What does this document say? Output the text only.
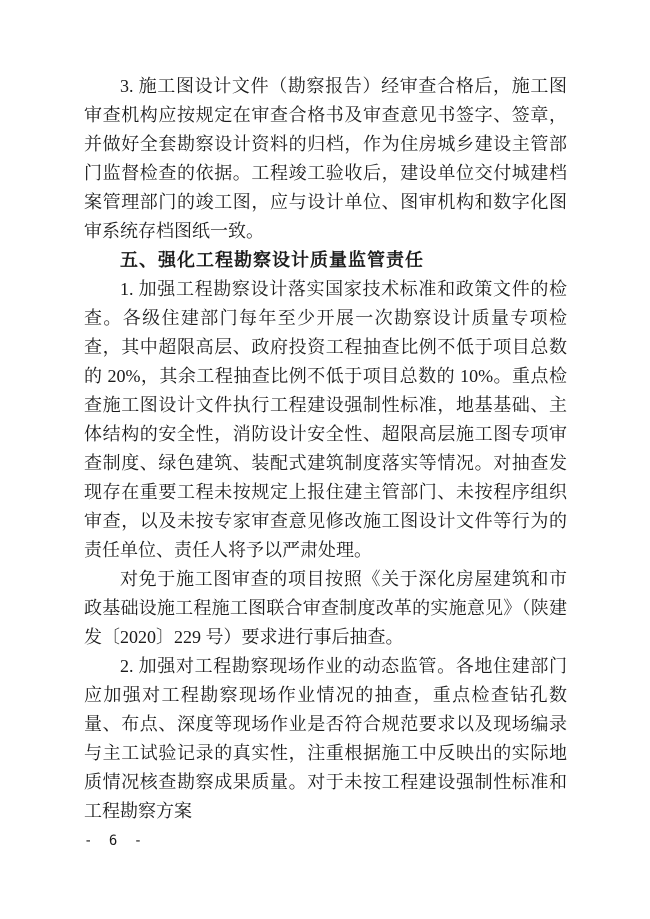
3. 施工图设计文件（勘察报告）经审查合格后，施工图审查机构应按规定在审查合格书及审查意见书签字、签章，并做好全套勘察设计资料的归档，作为住房城乡建设主管部门监督检查的依据。工程竣工验收后，建设单位交付城建档案管理部门的竣工图，应与设计单位、图审机构和数字化图审系统存档图纸一致。

五、强化工程勘察设计质量监管责任

1. 加强工程勘察设计落实国家技术标准和政策文件的检查。各级住建部门每年至少开展一次勘察设计质量专项检查，其中超限高层、政府投资工程抽查比例不低于项目总数的 20%，其余工程抽查比例不低于项目总数的 10%。重点检查施工图设计文件执行工程建设强制性标准，地基基础、主体结构的安全性，消防设计安全性、超限高层施工图专项审查制度、绿色建筑、装配式建筑制度落实等情况。对抽查发现存在重要工程未按规定上报住建主管部门、未按程序组织审查，以及未按专家审查意见修改施工图设计文件等行为的责任单位、责任人将予以严肃处理。

对免于施工图审查的项目按照《关于深化房屋建筑和市政基础设施工程施工图联合审查制度改革的实施意见》（陕建发〔2020〕229 号）要求进行事后抽查。

2. 加强对工程勘察现场作业的动态监管。各地住建部门应加强对工程勘察现场作业情况的抽查，重点检查钻孔数量、布点、深度等现场作业是否符合规范要求以及现场编录与主工试验记录的真实性，注重根据施工中反映出的实际地质情况核查勘察成果质量。对于未按工程建设强制性标准和工程勘察方案

- 6 -
